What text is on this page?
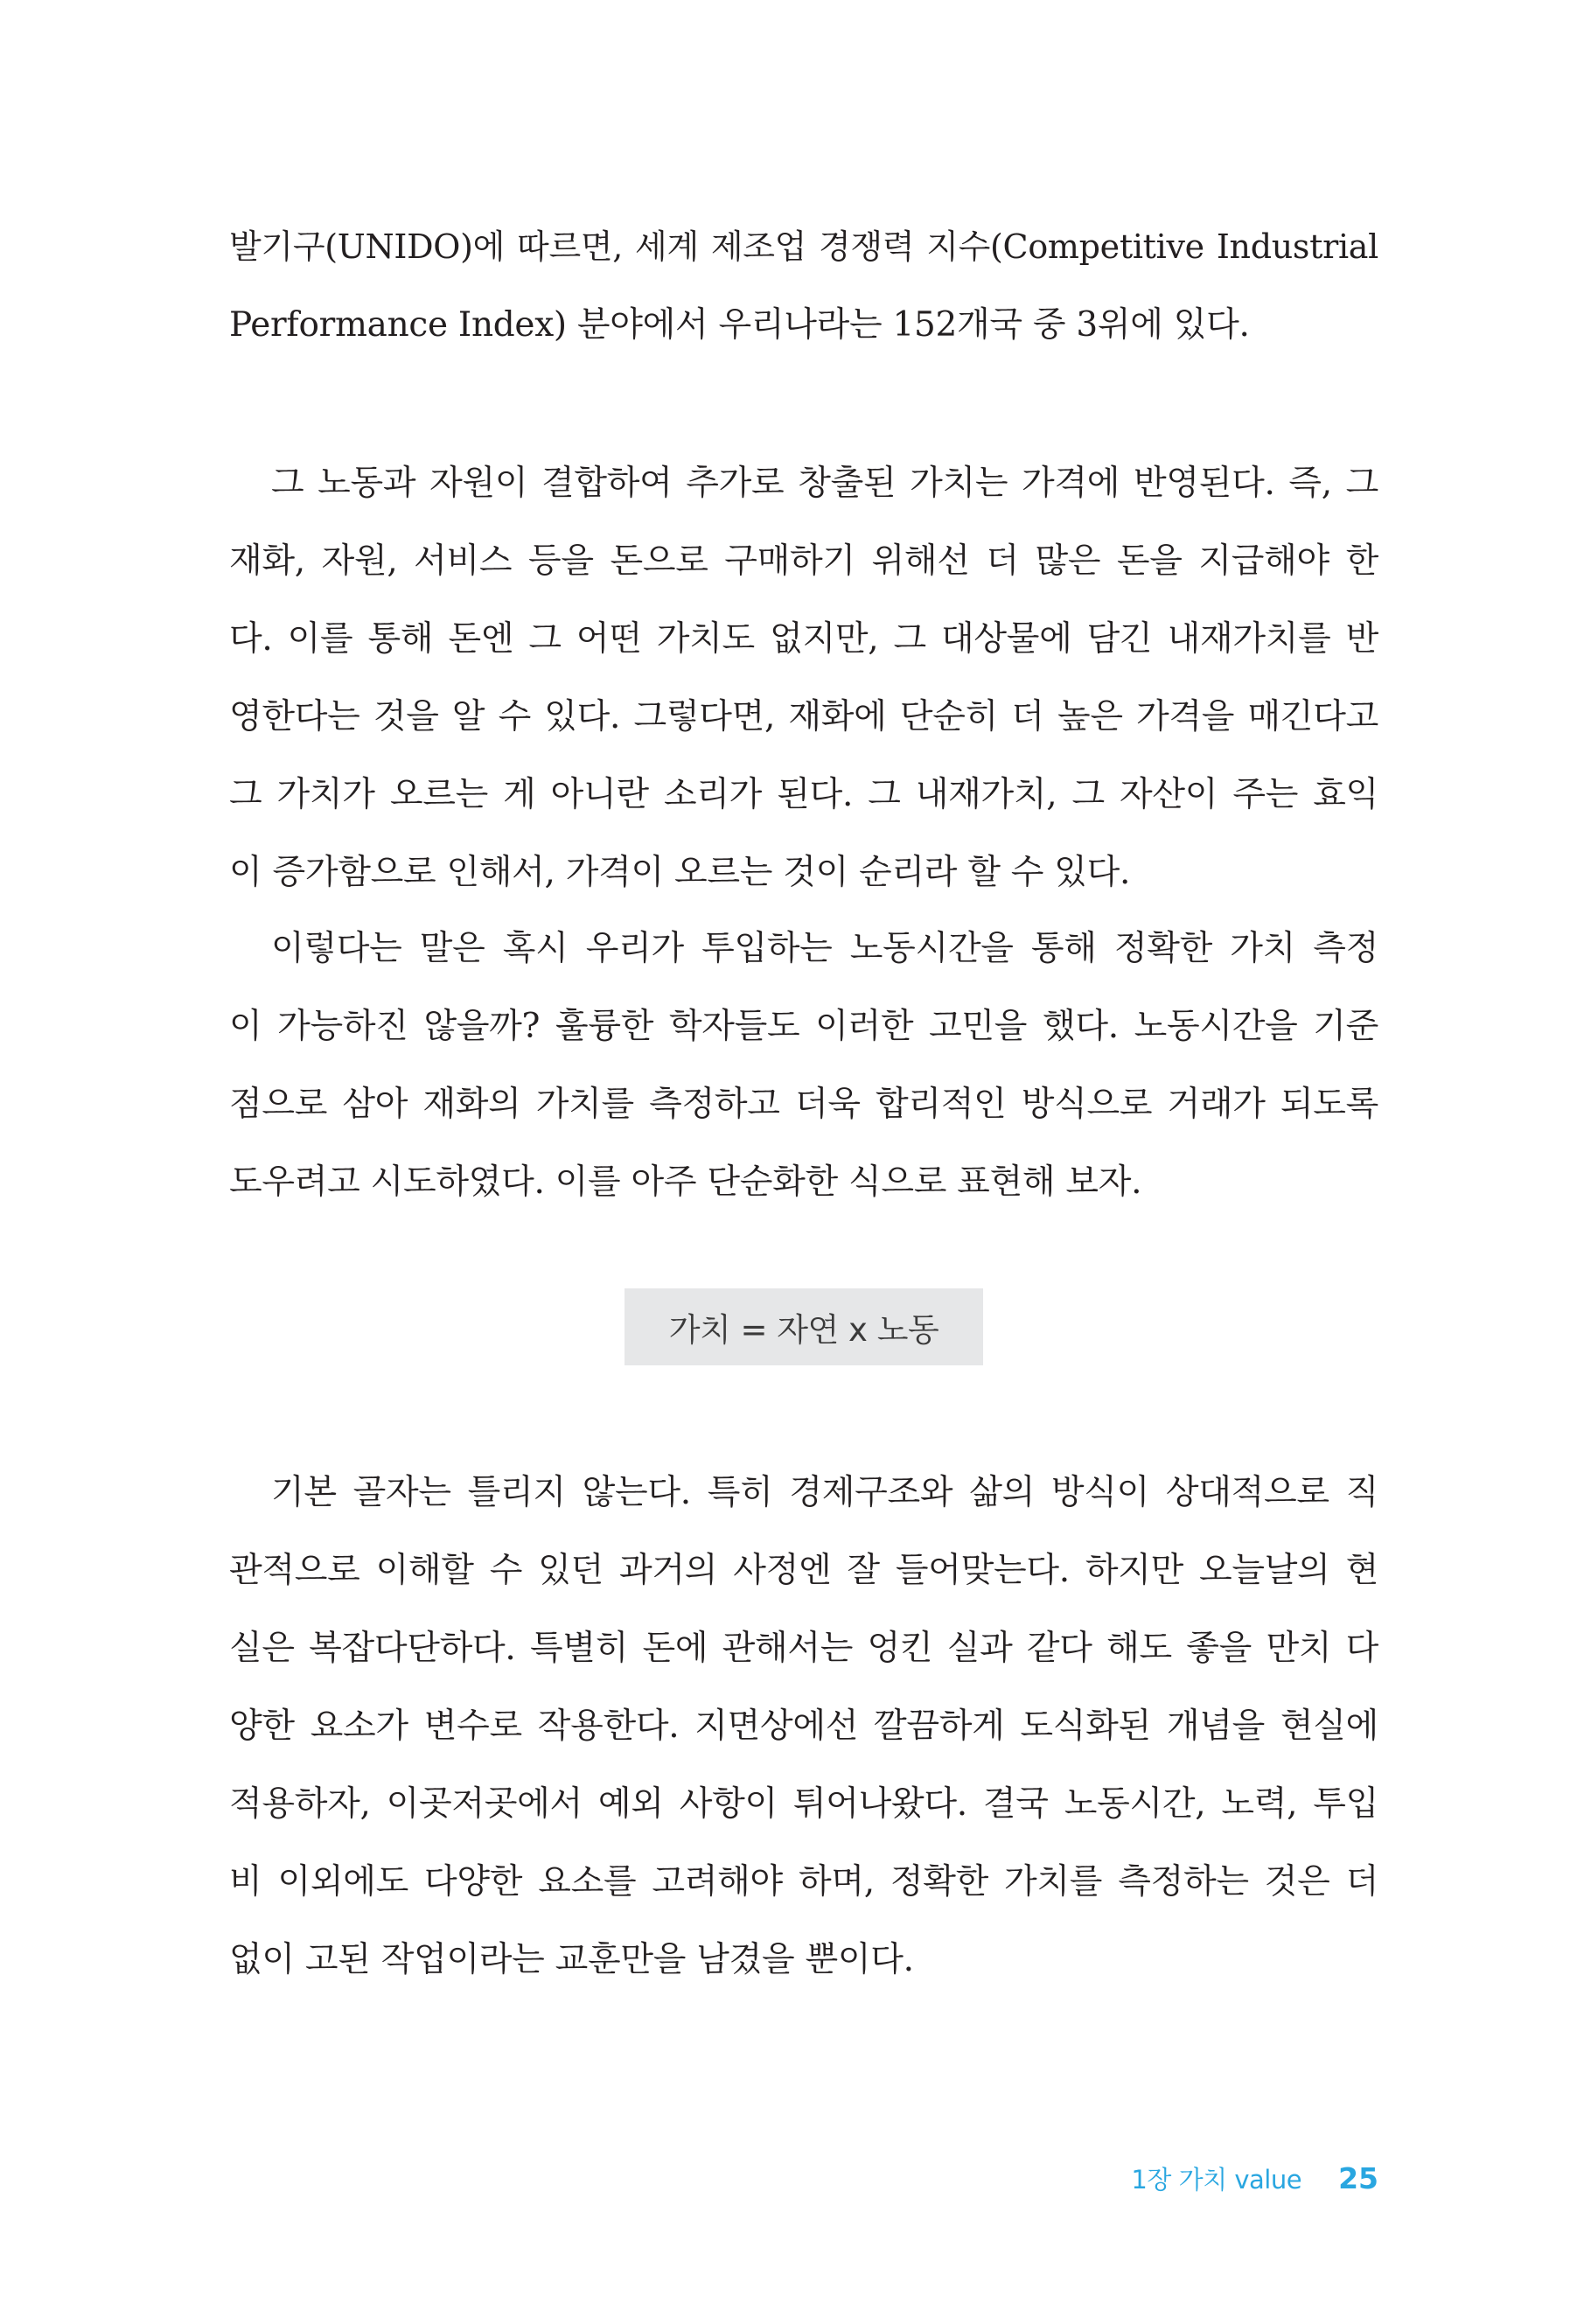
발기구(UNIDO)에 따르면, 세계 제조업 경쟁력 지수(Competitive Industrial
Performance Index) 분야에서 우리나라는 152개국 중 3위에 있다.
그 노동과 자원이 결합하여 추가로 창출된 가치는 가격에 반영된다. 즉, 그
재화, 자원, 서비스 등을 돈으로 구매하기 위해선 더 많은 돈을 지급해야 한
다. 이를 통해 돈엔 그 어떤 가치도 없지만, 그 대상물에 담긴 내재가치를 반
영한다는 것을 알 수 있다. 그렇다면, 재화에 단순히 더 높은 가격을 매긴다고
그 가치가 오르는 게 아니란 소리가 된다. 그 내재가치, 그 자산이 주는 효익
이 증가함으로 인해서, 가격이 오르는 것이 순리라 할 수 있다.
이렇다는 말은 혹시 우리가 투입하는 노동시간을 통해 정확한 가치 측정
이 가능하진 않을까? 훌륭한 학자들도 이러한 고민을 했다. 노동시간을 기준
점으로 삼아 재화의 가치를 측정하고 더욱 합리적인 방식으로 거래가 되도록
도우려고 시도하였다. 이를 아주 단순화한 식으로 표현해 보자.
가치 = 자연 x 노동
기본 골자는 틀리지 않는다. 특히 경제구조와 삶의 방식이 상대적으로 직
관적으로 이해할 수 있던 과거의 사정엔 잘 들어맞는다. 하지만 오늘날의 현
실은 복잡다단하다. 특별히 돈에 관해서는 엉킨 실과 같다 해도 좋을 만치 다
양한 요소가 변수로 작용한다. 지면상에선 깔끔하게 도식화된 개념을 현실에
적용하자, 이곳저곳에서 예외 사항이 튀어나왔다. 결국 노동시간, 노력, 투입
비 이외에도 다양한 요소를 고려해야 하며, 정확한 가치를 측정하는 것은 더
없이 고된 작업이라는 교훈만을 남겼을 뿐이다.
1장 가치 value 25
